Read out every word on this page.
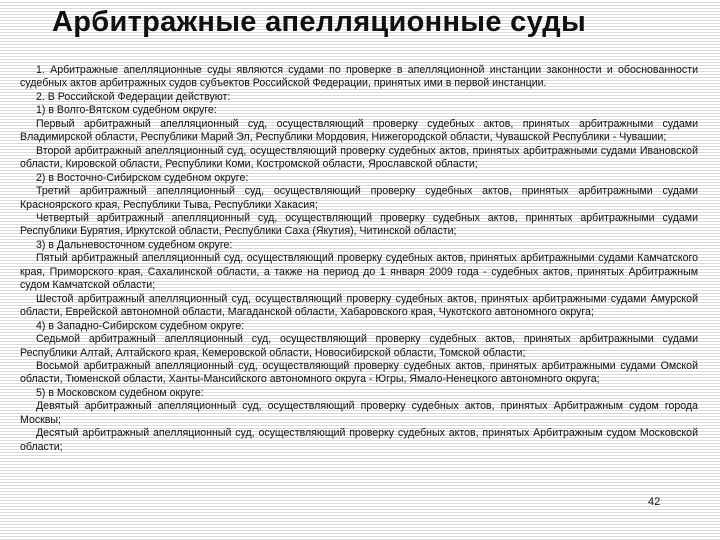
Арбитражные апелляционные суды

1. Арбитражные апелляционные суды являются судами по проверке в апелляционной инстанции законности и обоснованности судебных актов арбитражных судов субъектов Российской Федерации, принятых ими в первой инстанции.

2. В Российской Федерации действуют:

1) в Волго-Вятском судебном округе:

Первый арбитражный апелляционный суд, осуществляющий проверку судебных актов, принятых арбитражными судами Владимирской области, Республики Марий Эл, Республики Мордовия, Нижегородской области, Чувашской Республики - Чувашии;

Второй арбитражный апелляционный суд, осуществляющий проверку судебных актов, принятых арбитражными судами Ивановской области, Кировской области, Республики Коми, Костромской области, Ярославской области;

2) в Восточно-Сибирском судебном округе:

Третий арбитражный апелляционный суд, осуществляющий проверку судебных актов, принятых арбитражными судами Красноярского края, Республики Тыва, Республики Хакасия;

Четвертый арбитражный апелляционный суд, осуществляющий проверку судебных актов, принятых арбитражными судами Республики Бурятия, Иркутской области, Республики Саха (Якутия), Читинской области;

3) в Дальневосточном судебном округе:

Пятый арбитражный апелляционный суд, осуществляющий проверку судебных актов, принятых арбитражными судами Камчатского края, Приморского края, Сахалинской области, а также на период до 1 января 2009 года - судебных актов, принятых Арбитражным судом Камчатской области;

Шестой арбитражный апелляционный суд, осуществляющий проверку судебных актов, принятых арбитражными судами Амурской области, Еврейской автономной области, Магаданской области, Хабаровского края, Чукотского автономного округа;

4) в Западно-Сибирском судебном округе:

Седьмой арбитражный апелляционный суд, осуществляющий проверку судебных актов, принятых арбитражными судами Республики Алтай, Алтайского края, Кемеровской области, Новосибирской области, Томской области;

Восьмой арбитражный апелляционный суд, осуществляющий проверку судебных актов, принятых арбитражными судами Омской области, Тюменской области, Ханты-Мансийского автономного округа - Югры, Ямало-Ненецкого автономного округа;

5) в Московском судебном округе:

Девятый арбитражный апелляционный суд, осуществляющий проверку судебных актов, принятых Арбитражным судом города Москвы;

Десятый арбитражный апелляционный суд, осуществляющий проверку судебных актов, принятых Арбитражным судом Московской области;

42
